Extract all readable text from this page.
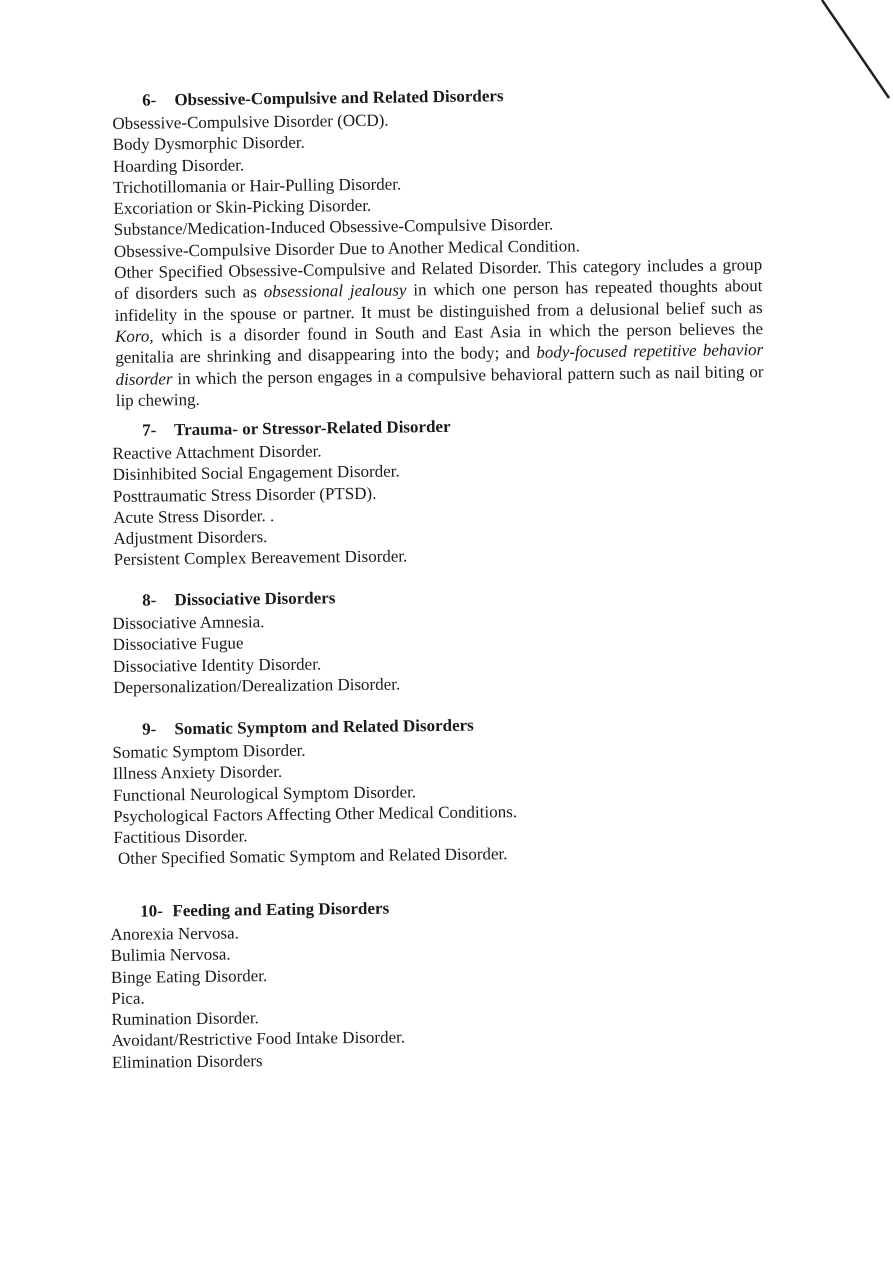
6- Obsessive-Compulsive and Related Disorders
Obsessive-Compulsive Disorder (OCD).
Body Dysmorphic Disorder.
Hoarding Disorder.
Trichotillomania or Hair-Pulling Disorder.
Excoriation or Skin-Picking Disorder.
Substance/Medication-Induced Obsessive-Compulsive Disorder.
Obsessive-Compulsive Disorder Due to Another Medical Condition.

Other Specified Obsessive-Compulsive and Related Disorder. This category includes a group of disorders such as obsessional jealousy in which one person has repeated thoughts about infidelity in the spouse or partner. It must be distinguished from a delusional belief such as Koro, which is a disorder found in South and East Asia in which the person believes the genitalia are shrinking and disappearing into the body; and body-focused repetitive behavior disorder in which the person engages in a compulsive behavioral pattern such as nail biting or lip chewing.

7- Trauma- or Stressor-Related Disorder
Reactive Attachment Disorder.
Disinhibited Social Engagement Disorder.
Posttraumatic Stress Disorder (PTSD).
Acute Stress Disorder. .
Adjustment Disorders.
Persistent Complex Bereavement Disorder.
8- Dissociative Disorders
Dissociative Amnesia.
Dissociative Fugue
Dissociative Identity Disorder.
Depersonalization/Derealization Disorder.
9- Somatic Symptom and Related Disorders
Somatic Symptom Disorder.
Illness Anxiety Disorder.
Functional Neurological Symptom Disorder.
Psychological Factors Affecting Other Medical Conditions.
Factitious Disorder.
Other Specified Somatic Symptom and Related Disorder.
10- Feeding and Eating Disorders
Anorexia Nervosa.
Bulimia Nervosa.
Binge Eating Disorder.
Pica.
Rumination Disorder.
Avoidant/Restrictive Food Intake Disorder.
Elimination Disorders
